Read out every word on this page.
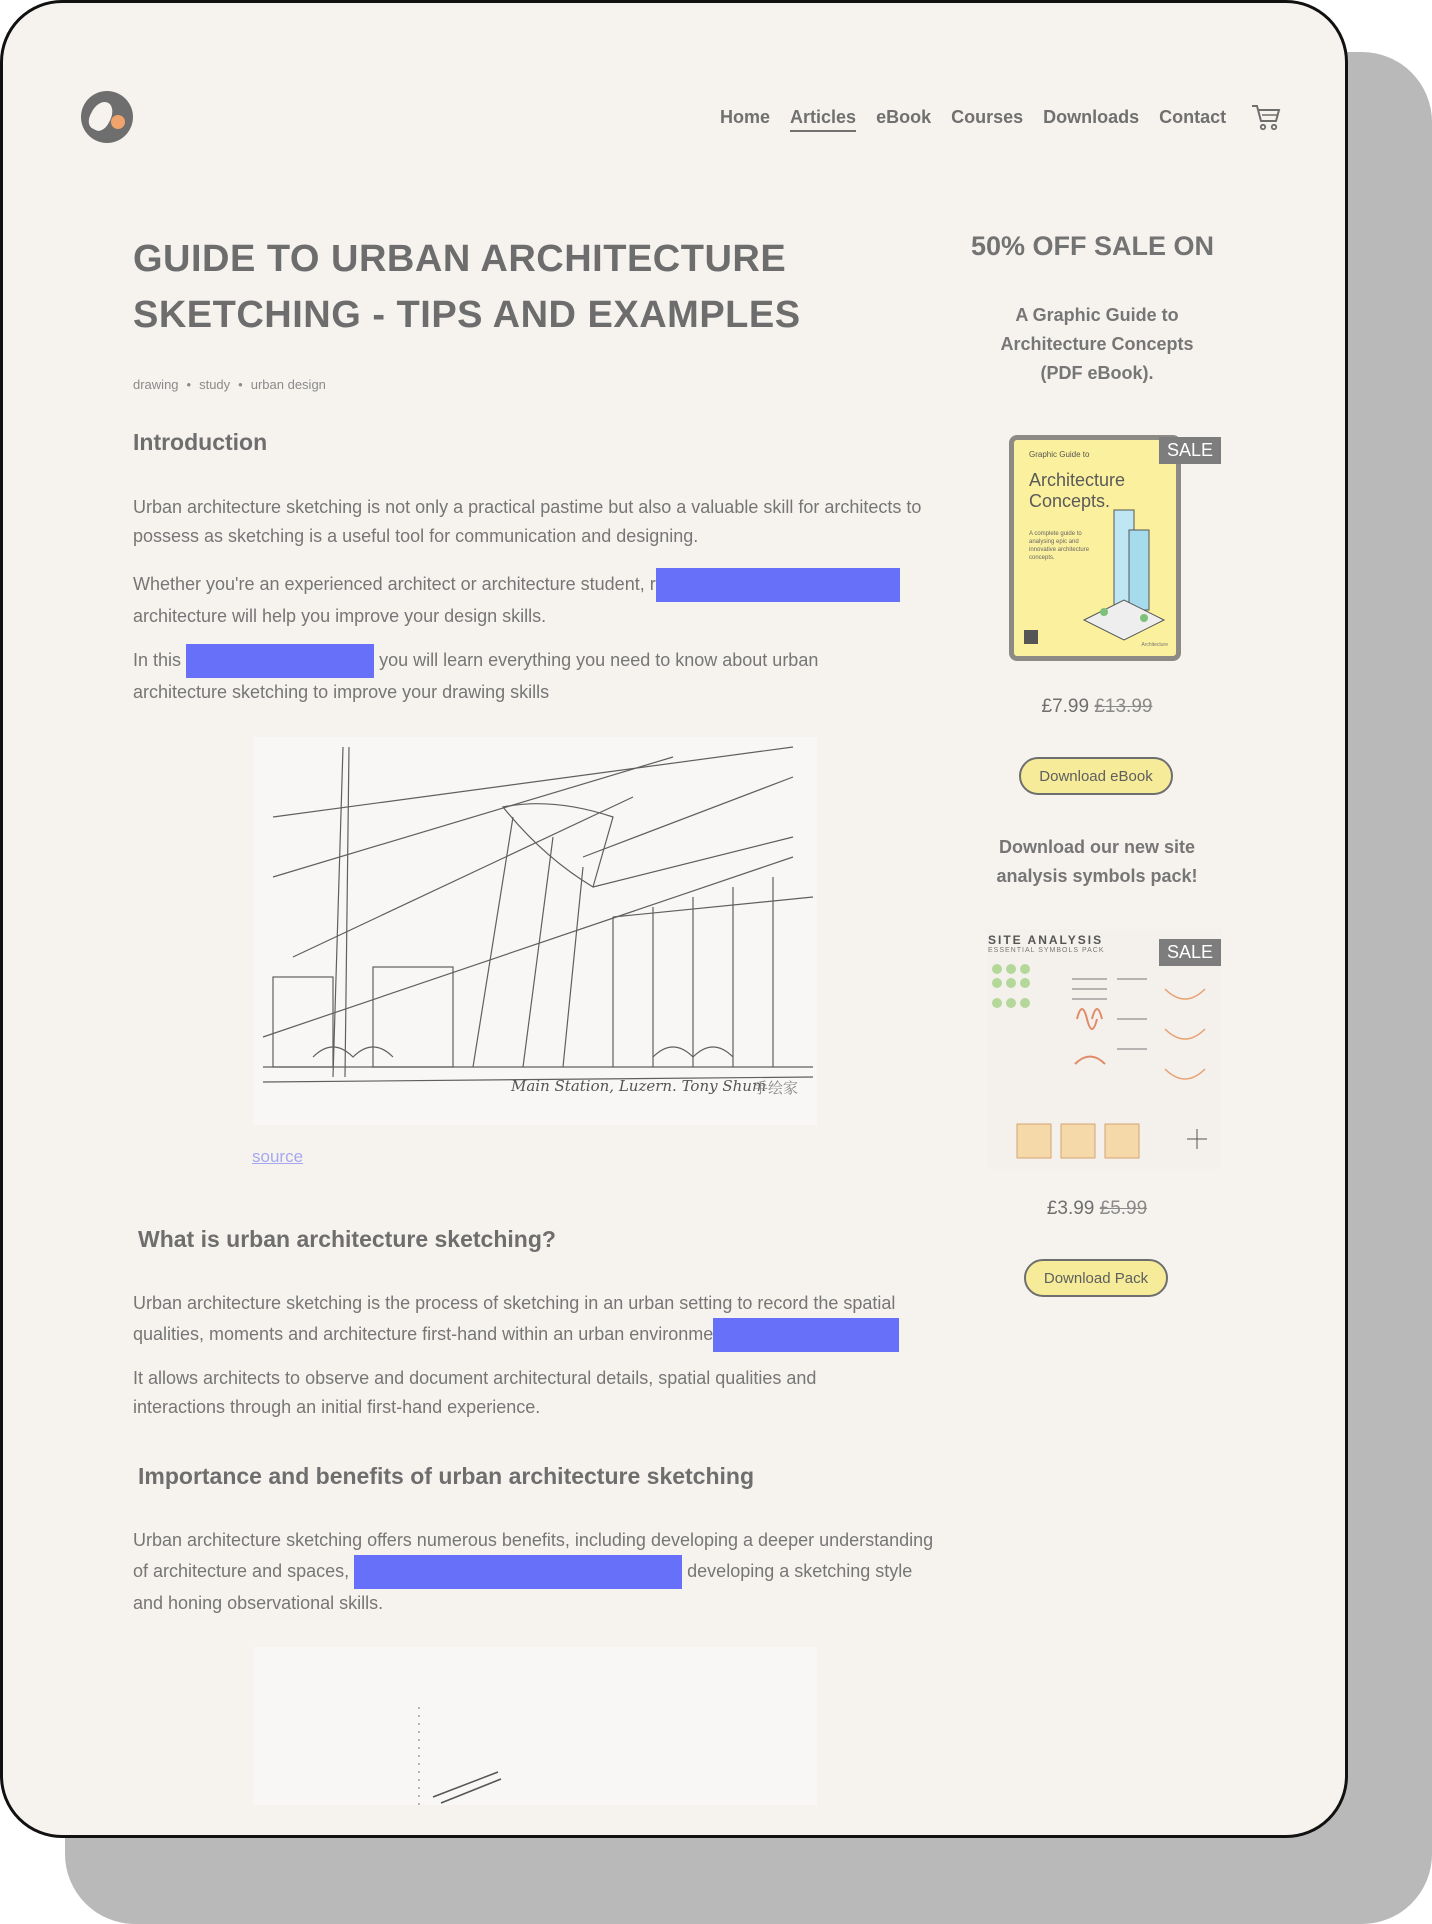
Home Articles eBook Courses Downloads Contact
GUIDE TO URBAN ARCHITECTURE SKETCHING - TIPS AND EXAMPLES
drawing • study • urban design
Introduction

Urban architecture sketching is not only a practical pastime but also a valuable skill for architects to possess as sketching is a useful tool for communication and designing.

Whether you're an experienced architect or architecture student, r
architecture will help you improve your design skills.

In this	you will learn everything you need to know about urban architecture sketching to improve your drawing skills

Main Station, Luzern. Tony Shum
手绘家
source
What is urban architecture sketching?

Urban architecture sketching is the process of sketching in an urban setting to record the spatial qualities, moments and architecture first-hand within an urban environme

It allows architects to observe and document architectural details, spatial qualities and interactions through an initial first-hand experience.

Importance and benefits of urban architecture sketching

Urban architecture sketching offers numerous benefits, including developing a deeper understanding of architecture and spaces,	developing a sketching style and honing observational skills.

50% OFF SALE ON

A Graphic Guide to Architecture Concepts (PDF eBook).

Graphic Guide to
Architecture Concepts.
A complete guide to analysing epic and innovative architecture concepts.
Architecture
SALE
£7.99 £13.99
Download eBook

Download our new site analysis symbols pack!

SITE ANALYSIS
ESSENTIAL SYMBOLS PACK	SALE
£3.99 £5.99
Download Pack
